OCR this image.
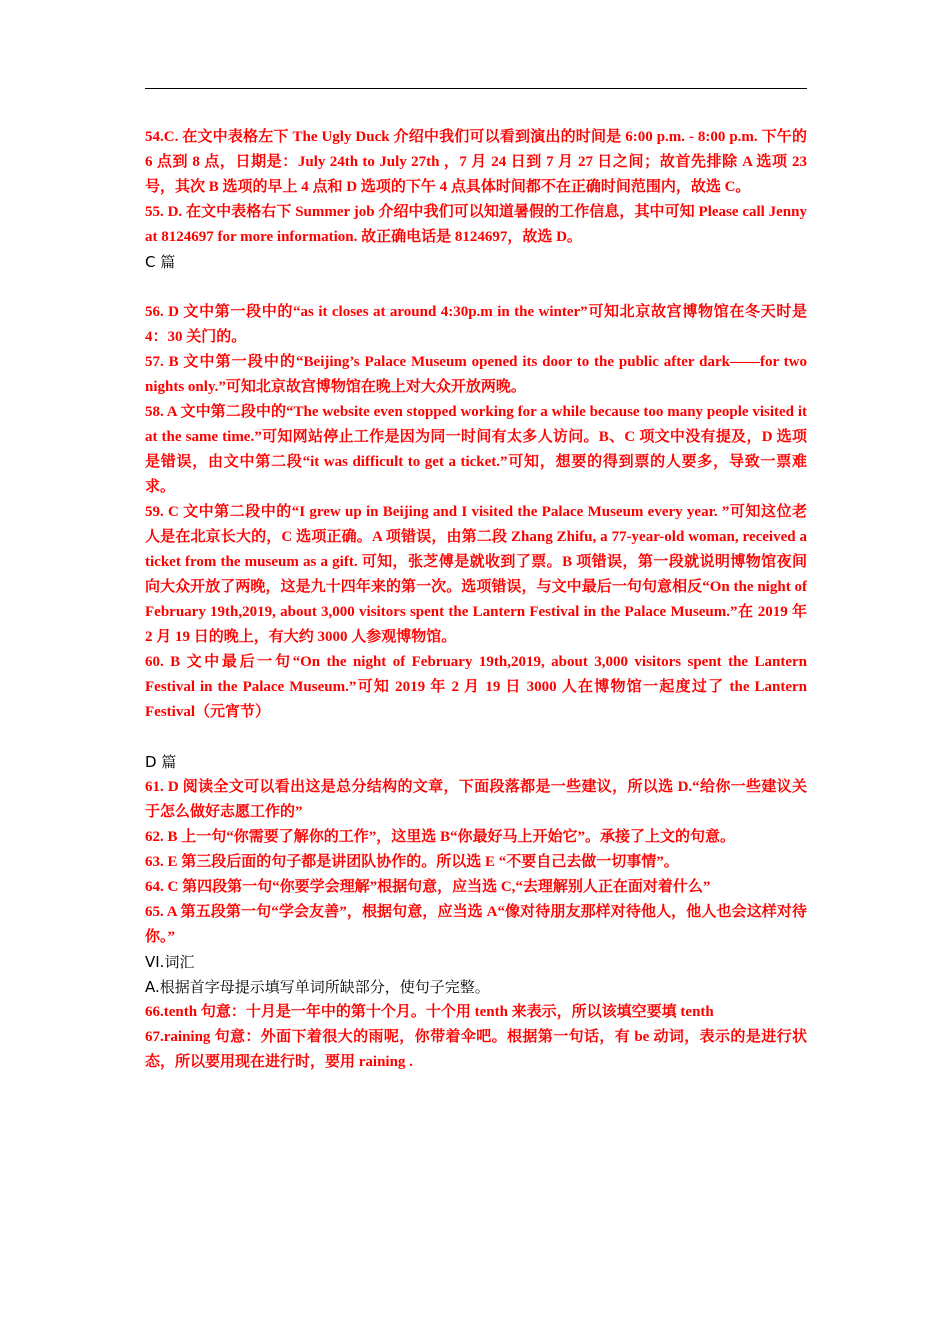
54.C. 在文中表格左下 The Ugly Duck 介绍中我们可以看到演出的时间是 6:00 p.m. - 8:00 p.m. 下午的 6 点到 8 点，日期是：July 24th to July 27th ，7 月 24 日到 7 月 27 日之间；故首先排除 A 选项 23 号，其次 B 选项的早上 4 点和 D 选项的下午 4 点具体时间都不在正确时间范围内，故选 C。

55. D. 在文中表格右下 Summer job 介绍中我们可以知道暑假的工作信息，其中可知 Please call Jenny at 8124697 for more information. 故正确电话是 8124697，故选 D。

C 篇

56. D 文中第一段中的“as it closes at around 4:30p.m in the winter”可知北京故宫博物馆在冬天时是 4：30 关门的。

57. B 文中第一段中的“Beijing’s Palace Museum opened its door to the public after dark——for two nights only.”可知北京故宫博物馆在晚上对大众开放两晚。

58. A 文中第二段中的“The website even stopped working for a while because too many people visited it at the same time.”可知网站停止工作是因为同一时间有太多人访问。B、C 项文中没有提及，D 选项是错误，由文中第二段“it was difficult to get a ticket.”可知，想要的得到票的人要多，导致一票难求。

59. C 文中第二段中的“I grew up in Beijing and I visited the Palace Museum every year. ”可知这位老人是在北京长大的，C 选项正确。A 项错误，由第二段 Zhang Zhifu, a 77-year-old woman, received a ticket from the museum as a gift. 可知，张芝傅是就收到了票。B 项错误，第一段就说明博物馆夜间向大众开放了两晚，这是九十四年来的第一次。选项错误，与文中最后一句句意相反“On the night of February 19th,2019, about 3,000 visitors spent the Lantern Festival in the Palace Museum.”在 2019 年 2 月 19 日的晚上，有大约 3000 人参观博物馆。

60. B 文中最后一句“On the night of February 19th,2019, about 3,000 visitors spent the Lantern Festival in the Palace Museum.”可知 2019 年 2 月 19 日 3000 人在博物馆一起度过了 the Lantern Festival（元宵节）

D 篇

61. D 阅读全文可以看出这是总分结构的文章，下面段落都是一些建议，所以选 D.“给你一些建议关于怎么做好志愿工作的”

62. B 上一句“你需要了解你的工作”，这里选 B“你最好马上开始它”。承接了上文的句意。

63. E 第三段后面的句子都是讲团队协作的。所以选 E “不要自己去做一切事情”。

64. C 第四段第一句“你要学会理解”根据句意，应当选 C,“去理解别人正在面对着什么”

65. A 第五段第一句“学会友善”，根据句意，应当选 A“像对待朋友那样对待他人，他人也会这样对待你。”

VI.词汇

A.根据首字母提示填写单词所缺部分，使句子完整。

66.tenth 句意：十月是一年中的第十个月。十个用 tenth 来表示，所以该填空要填 tenth

67.raining 句意：外面下着很大的雨呢，你带着伞吧。根据第一句话，有 be 动词，表示的是进行状态，所以要用现在进行时，要用 raining .
